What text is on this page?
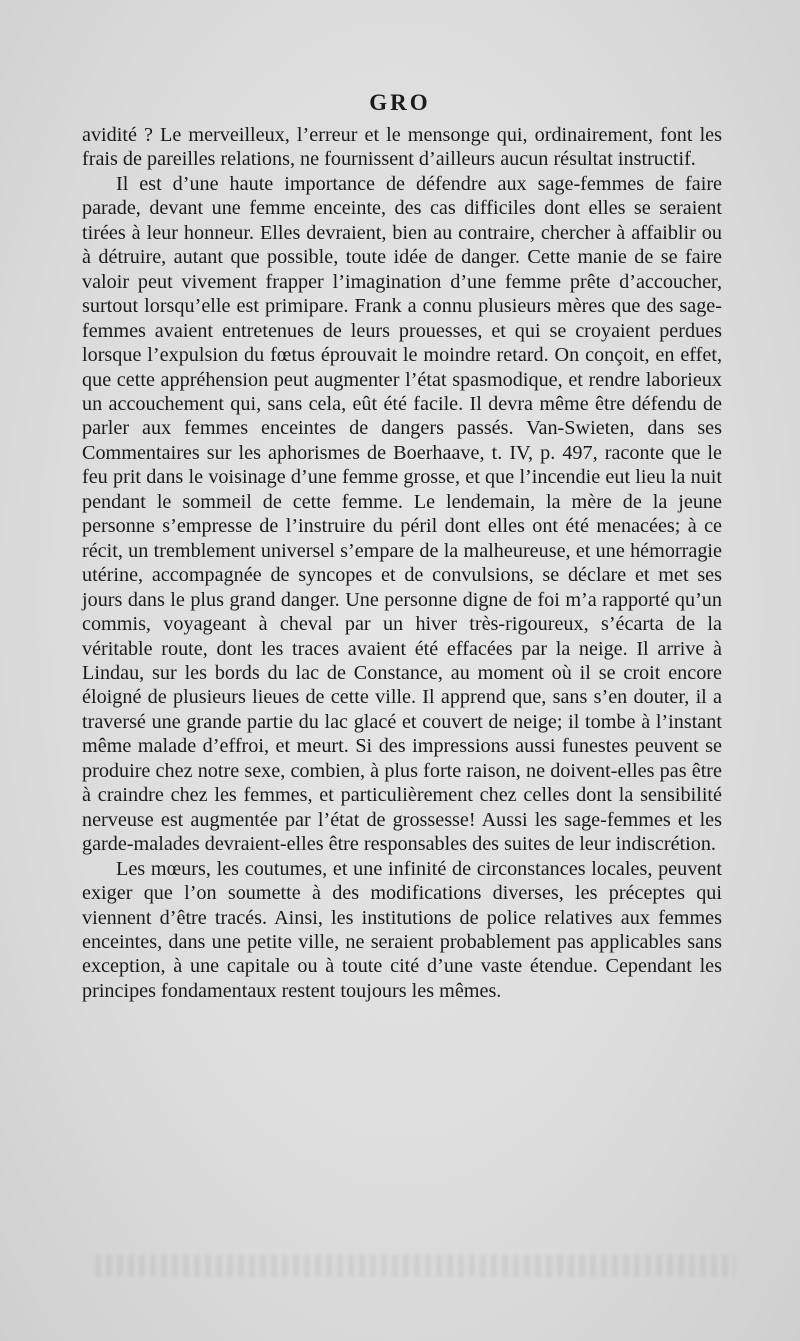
GRO

avidité ? Le merveilleux, l’erreur et le mensonge qui, ordinairement, font les frais de pareilles relations, ne fournissent d’ailleurs aucun résultat instructif.

Il est d’une haute importance de défendre aux sage-femmes de faire parade, devant une femme enceinte, des cas difficiles dont elles se seraient tirées à leur honneur. Elles devraient, bien au contraire, chercher à affaiblir ou à détruire, autant que possible, toute idée de danger. Cette manie de se faire valoir peut vivement frapper l’imagination d’une femme prête d’accoucher, surtout lorsqu’elle est primipare. Frank a connu plusieurs mères que des sage-femmes avaient entretenues de leurs prouesses, et qui se croyaient perdues lorsque l’expulsion du fœtus éprouvait le moindre retard. On conçoit, en effet, que cette appréhension peut augmenter l’état spasmodique, et rendre laborieux un accouchement qui, sans cela, eût été facile. Il devra même être défendu de parler aux femmes enceintes de dangers passés. Van-Swieten, dans ses Commentaires sur les aphorismes de Boerhaave, t. IV, p. 497, raconte que le feu prit dans le voisinage d’une femme grosse, et que l’incendie eut lieu la nuit pendant le sommeil de cette femme. Le lendemain, la mère de la jeune personne s’empresse de l’instruire du péril dont elles ont été menacées; à ce récit, un tremblement universel s’empare de la malheureuse, et une hémorragie utérine, accompagnée de syncopes et de convulsions, se déclare et met ses jours dans le plus grand danger. Une personne digne de foi m’a rapporté qu’un commis, voyageant à cheval par un hiver très-rigoureux, s’écarta de la véritable route, dont les traces avaient été effacées par la neige. Il arrive à Lindau, sur les bords du lac de Constance, au moment où il se croit encore éloigné de plusieurs lieues de cette ville. Il apprend que, sans s’en douter, il a traversé une grande partie du lac glacé et couvert de neige; il tombe à l’instant même malade d’effroi, et meurt. Si des impressions aussi funestes peuvent se produire chez notre sexe, combien, à plus forte raison, ne doivent-elles pas être à craindre chez les femmes, et particulièrement chez celles dont la sensibilité nerveuse est augmentée par l’état de grossesse! Aussi les sage-femmes et les garde-malades devraient-elles être responsables des suites de leur indiscrétion.

Les mœurs, les coutumes, et une infinité de circonstances locales, peuvent exiger que l’on soumette à des modifications diverses, les préceptes qui viennent d’être tracés. Ainsi, les institutions de police relatives aux femmes enceintes, dans une petite ville, ne seraient probablement pas applicables sans exception, à une capitale ou à toute cité d’une vaste étendue. Cependant les principes fondamentaux restent toujours les mêmes.
